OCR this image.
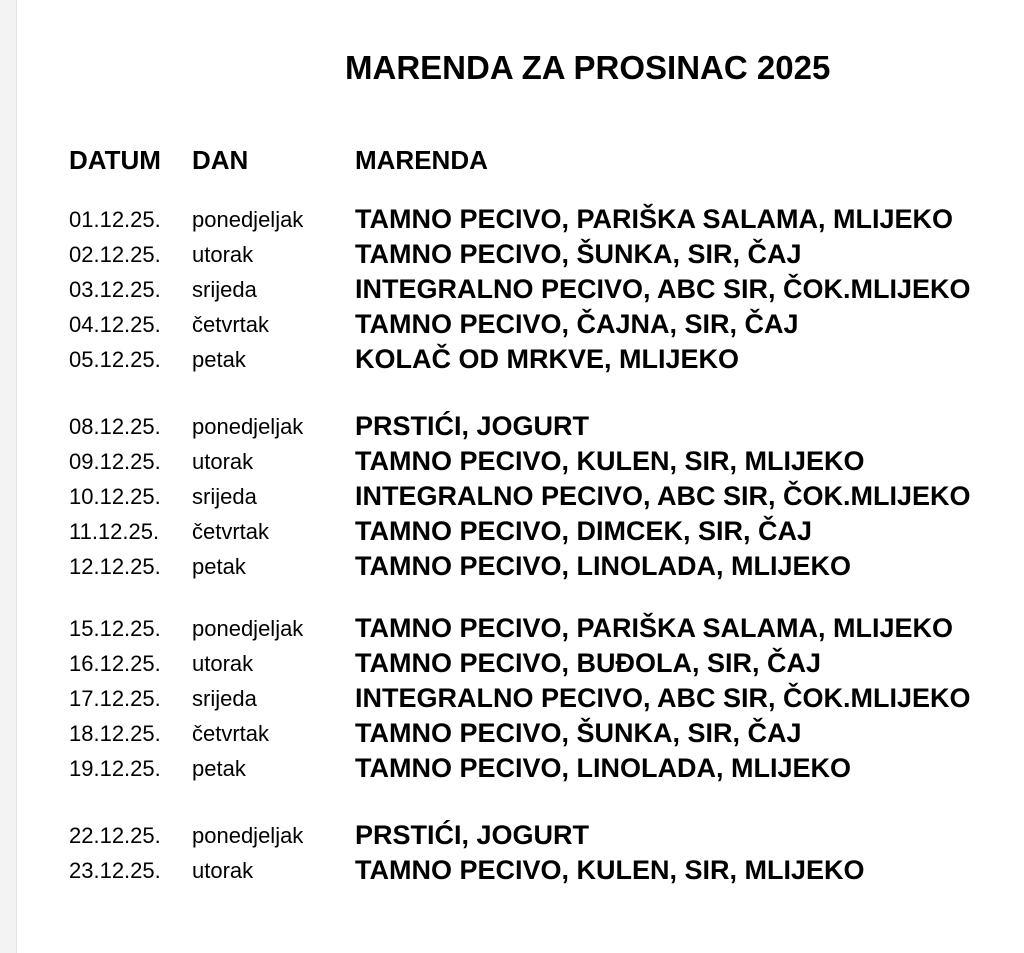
MARENDA ZA PROSINAC 2025
DATUM DAN	MARENDA
01.12.25. ponedjeljak TAMNO PECIVO, PARIŠKA SALAMA, MLIJEKO
02.12.25. utorak	TAMNO PECIVO, ŠUNKA, SIR, ČAJ
03.12.25. srijeda	INTEGRALNO PECIVO, ABC SIR, ČOK.MLIJEKO
04.12.25. četvrtak	TAMNO PECIVO, ČAJNA, SIR, ČAJ
05.12.25. petak	KOLAČ OD MRKVE, MLIJEKO
08.12.25. ponedjeljak PRSTIĆI, JOGURT
09.12.25. utorak	TAMNO PECIVO, KULEN, SIR, MLIJEKO
10.12.25. srijeda	INTEGRALNO PECIVO, ABC SIR, ČOK.MLIJEKO
11.12.25. četvrtak	TAMNO PECIVO, DIMCEK, SIR, ČAJ
12.12.25. petak	TAMNO PECIVO, LINOLADA, MLIJEKO
15.12.25. ponedjeljak TAMNO PECIVO, PARIŠKA SALAMA, MLIJEKO
16.12.25. utorak	TAMNO PECIVO, BUĐOLA, SIR, ČAJ
17.12.25. srijeda	INTEGRALNO PECIVO, ABC SIR, ČOK.MLIJEKO
18.12.25. četvrtak	TAMNO PECIVO, ŠUNKA, SIR, ČAJ
19.12.25. petak	TAMNO PECIVO, LINOLADA, MLIJEKO
22.12.25. ponedjeljak PRSTIĆI, JOGURT
23.12.25. utorak	TAMNO PECIVO, KULEN, SIR, MLIJEKO
